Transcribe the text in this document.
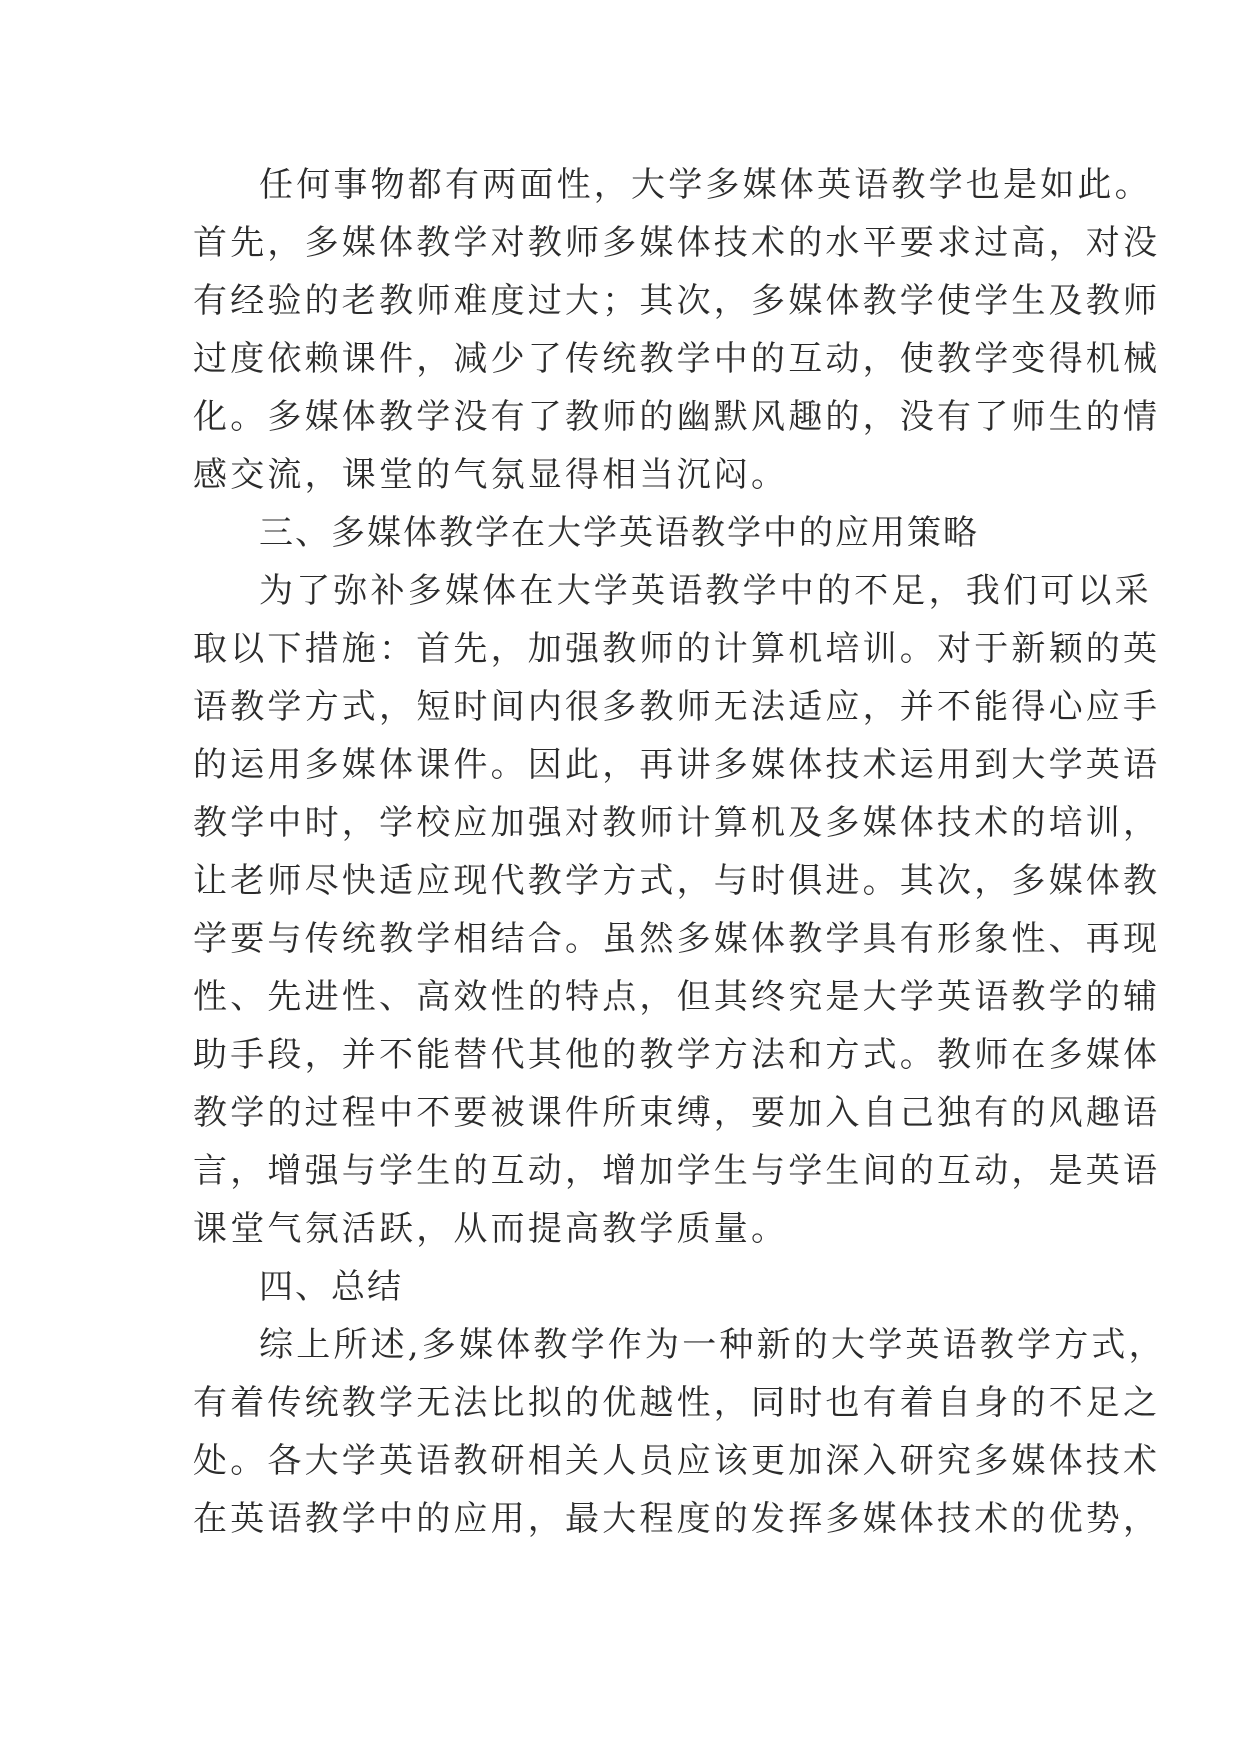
任何事物都有两面性，大学多媒体英语教学也是如此。
首先，多媒体教学对教师多媒体技术的水平要求过高，对没
有经验的老教师难度过大；其次，多媒体教学使学生及教师
过度依赖课件，减少了传统教学中的互动，使教学变得机械
化。多媒体教学没有了教师的幽默风趣的，没有了师生的情
感交流，课堂的气氛显得相当沉闷。
三、多媒体教学在大学英语教学中的应用策略
为了弥补多媒体在大学英语教学中的不足，我们可以采
取以下措施：首先，加强教师的计算机培训。对于新颖的英
语教学方式，短时间内很多教师无法适应，并不能得心应手
的运用多媒体课件。因此，再讲多媒体技术运用到大学英语
教学中时，学校应加强对教师计算机及多媒体技术的培训，
让老师尽快适应现代教学方式，与时俱进。其次，多媒体教
学要与传统教学相结合。虽然多媒体教学具有形象性、再现
性、先进性、高效性的特点，但其终究是大学英语教学的辅
助手段，并不能替代其他的教学方法和方式。教师在多媒体
教学的过程中不要被课件所束缚，要加入自己独有的风趣语
言，增强与学生的互动，增加学生与学生间的互动，是英语
课堂气氛活跃，从而提高教学质量。
四、总结
综上所述,多媒体教学作为一种新的大学英语教学方式，
有着传统教学无法比拟的优越性，同时也有着自身的不足之
处。各大学英语教研相关人员应该更加深入研究多媒体技术
在英语教学中的应用，最大程度的发挥多媒体技术的优势，
